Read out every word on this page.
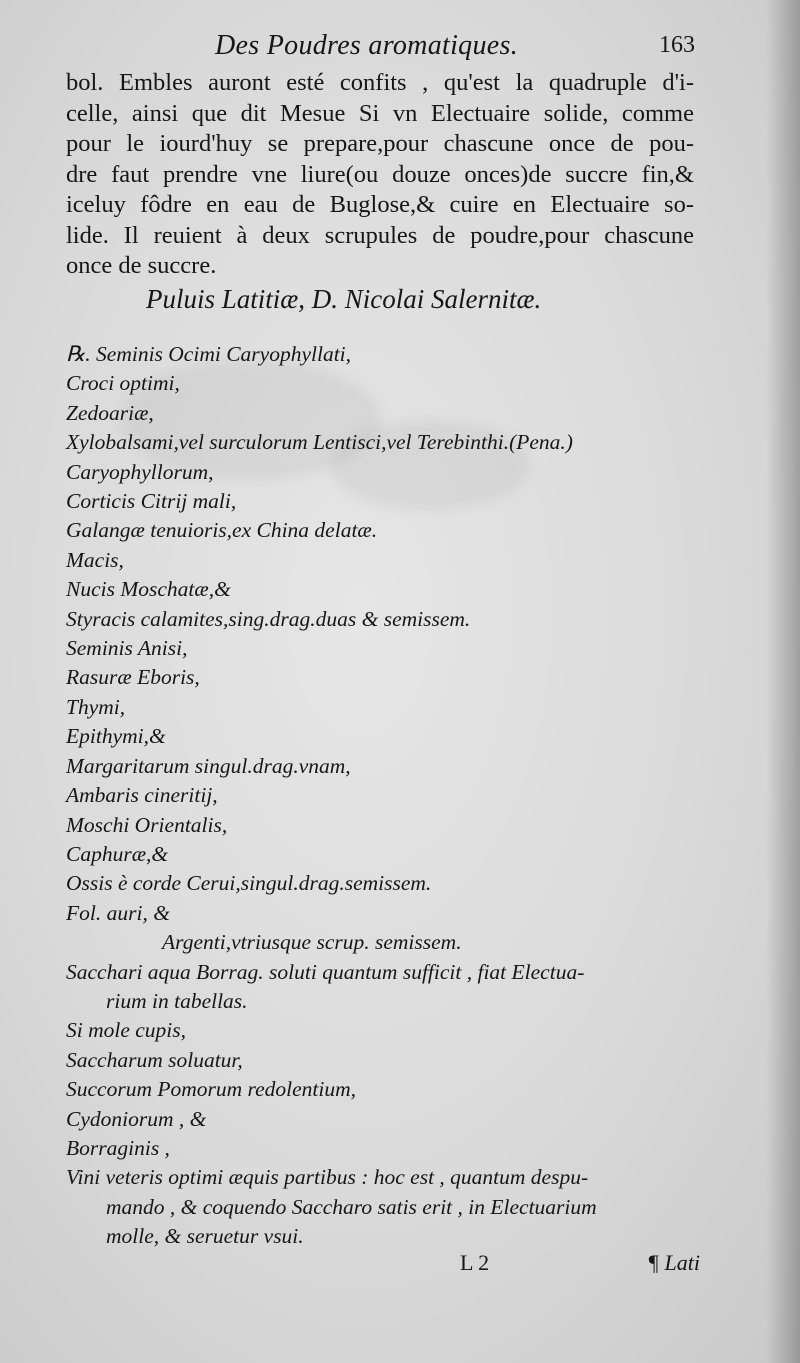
Des Poudres aromatiques.	163
bol. Embles auront esté confits , qu'est la quadruple d'i-
celle, ainsi que dit Mesue Si vn Electuaire solide, comme
pour le iourd'huy se prepare,pour chascune once de pou-
dre faut prendre vne liure(ou douze onces)de succre fin,&
iceluy fôdre en eau de Buglose,& cuire en Electuaire so-
lide. Il reuient à deux scrupules de poudre,pour chascune
once de succre.
Puluis Latitiæ, D. Nicolai Salernitæ.
℞. Seminis Ocimi Caryophyllati,
Croci optimi,
Zedoariæ,
Xylobalsami,vel surculorum Lentisci,vel Terebinthi.(Pena.)
Caryophyllorum,
Corticis Citrij mali,
Galangæ tenuioris,ex China delatæ.
Macis,
Nucis Moschatæ,&
Styracis calamites,sing.drag.duas & semissem.
Seminis Anisi,
Rasuræ Eboris,
Thymi,
Epithymi,&
Margaritarum singul.drag.vnam,
Ambaris cineritij,
Moschi Orientalis,
Caphuræ,&
Ossis è corde Cerui,singul.drag.semissem.
Fol. auri, &
Argenti,vtriusque scrup. semissem.
Sacchari aqua Borrag. soluti quantum sufficit , fiat Electua-
rium in tabellas.
Si mole cupis,
Saccharum soluatur,
Succorum Pomorum redolentium,
Cydoniorum , &
Borraginis ,
Vini veteris optimi æquis partibus : hoc est , quantum despu-
mando , & coquendo Saccharo satis erit , in Electuarium
molle, & seruetur vsui.
L 2	¶ Lati
